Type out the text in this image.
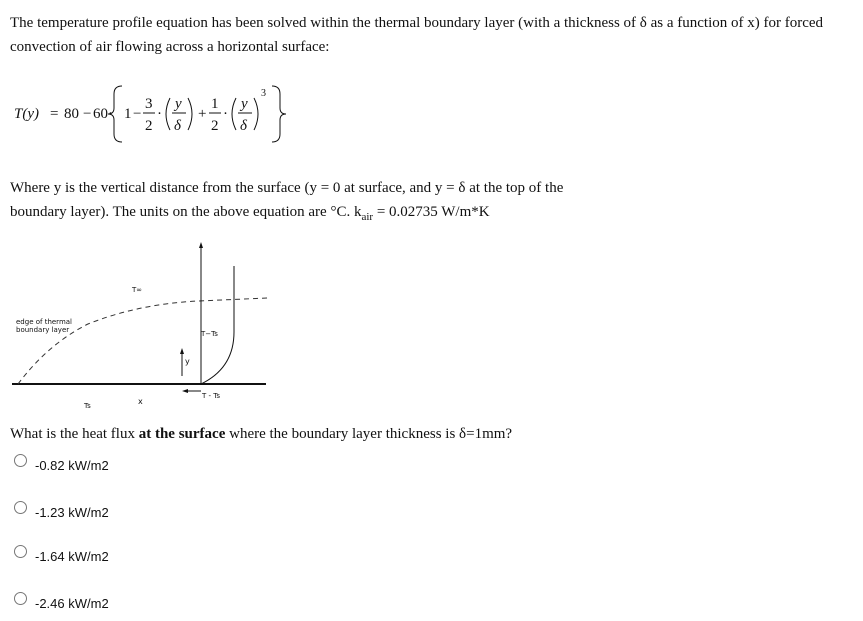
The temperature profile equation has been solved within the thermal boundary layer (with a thickness of δ as a function of x) for forced convection of air flowing across a horizontal surface:
T(y) = 80 − 60· 1 −
3
2
·
y
δ
+
1
2
·
y
δ
3
Where y is the vertical distance from the surface (y = 0 at surface, and y = δ at the top of the
boundary layer). The units on the above equation are °C. $k_{air} = 0.02735$ W/m*K
y
T - Ts
T−Ts
T∞
edge of thermal
boundary layer
x
Ts
What is the heat flux at the surface where the boundary layer thickness is δ=1mm?
-0.82 kW/m2
-1.23 kW/m2
-1.64 kW/m2
-2.46 kW/m2
